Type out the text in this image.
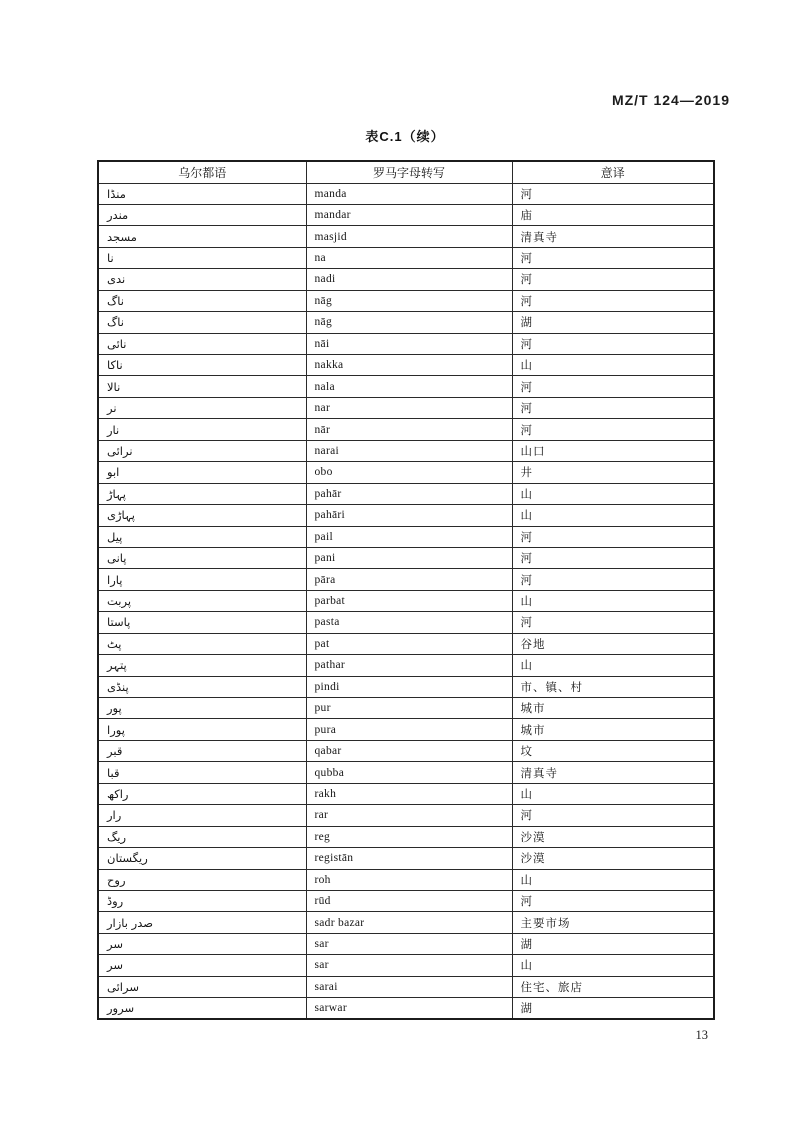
MZ/T 124—2019
表C.1（续）
乌尔都语	罗马字母转写	意译
منڈا	manda	河
مندر	mandar	庙
مسجد	masjid	清真寺
نا	na	河
ندی	nadi	河
ناگ	nāg	河
ناگ	nāg	湖
نائی	nāi	河
ناکا	nakka	山
نالا	nala	河
نر	nar	河
نار	nār	河
نرائی	narai	山口
ابو	obo	井
پہاڑ	pahār	山
پہاڑی	pahāri	山
پیل	pail	河
پانی	pani	河
پارا	pāra	河
پربت	parbat	山
پاستا	pasta	河
پٹ	pat	谷地
پتہر	pathar	山
پنڈی	pindi	市、镇、村
پور	pur	城市
پورا	pura	城市
قبر	qabar	坟
قبا	qubba	清真寺
راکھ	rakh	山
رار	rar	河
ریگ	reg	沙漠
ریگستان	registān	沙漠
روح	roh	山
روڈ	rūd	河
صدر بازار	sadr bazar	主要市场
سر	sar	湖
سر	sar	山
سرائی	sarai	住宅、旅店
سرور	sarwar	湖
13
